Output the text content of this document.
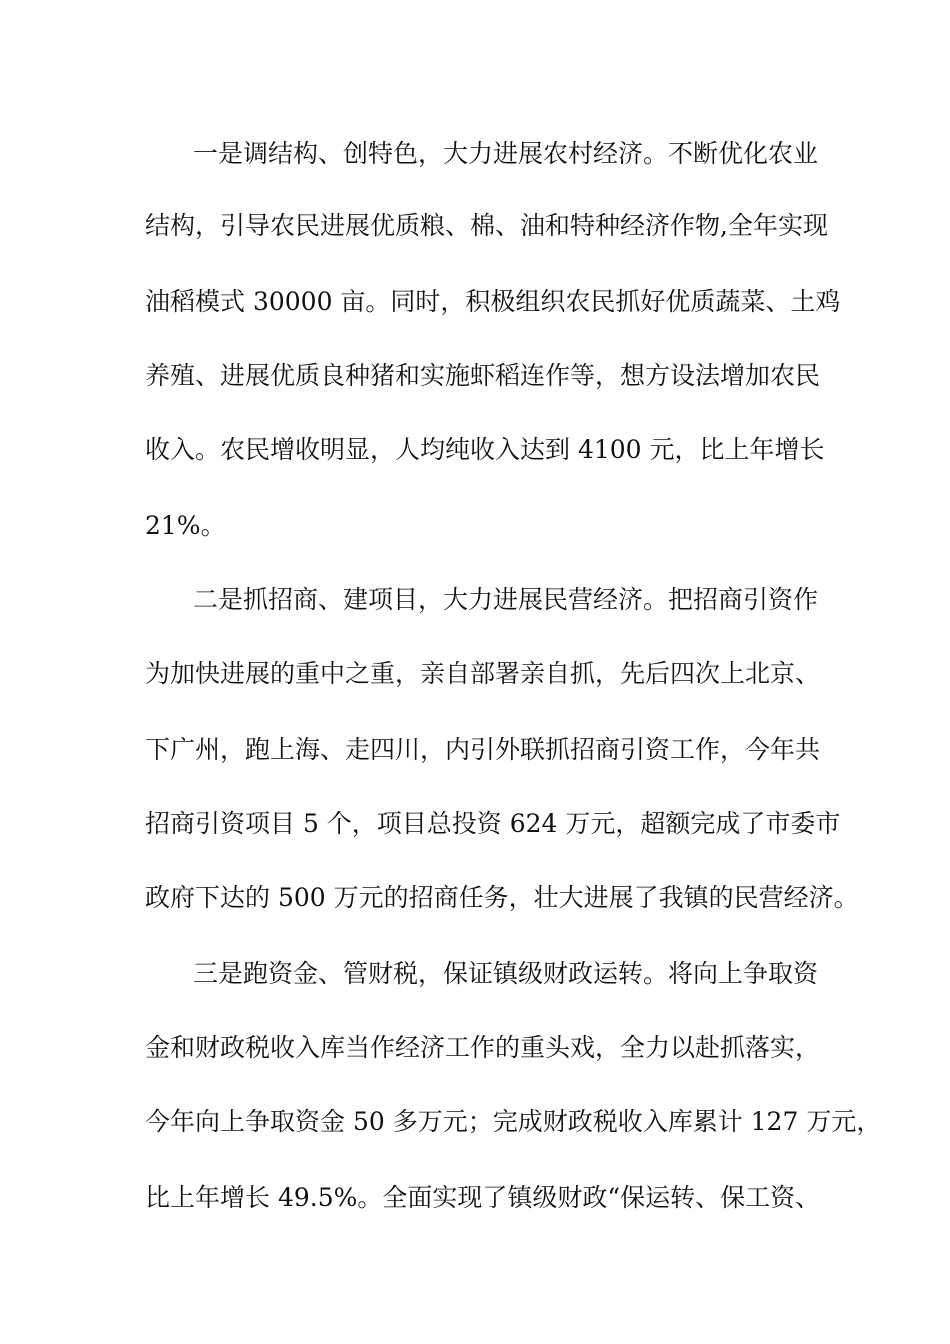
一是调结构、创特色，大力进展农村经济。不断优化农业
结构，引导农民进展优质粮、棉、油和特种经济作物,全年实现
油稻模式 30000 亩。同时，积极组织农民抓好优质蔬菜、土鸡
养殖、进展优质良种猪和实施虾稻连作等，想方设法增加农民
收入。农民增收明显，人均纯收入达到 4100 元，比上年增长
21%。
二是抓招商、建项目，大力进展民营经济。把招商引资作
为加快进展的重中之重，亲自部署亲自抓，先后四次上北京、
下广州，跑上海、走四川，内引外联抓招商引资工作，今年共
招商引资项目 5 个，项目总投资 624 万元，超额完成了市委市
政府下达的 500 万元的招商任务，壮大进展了我镇的民营经济。
三是跑资金、管财税，保证镇级财政运转。将向上争取资
金和财政税收入库当作经济工作的重头戏，全力以赴抓落实，
今年向上争取资金 50 多万元；完成财政税收入库累计 127 万元，
比上年增长 49.5%。全面实现了镇级财政“保运转、保工资、
